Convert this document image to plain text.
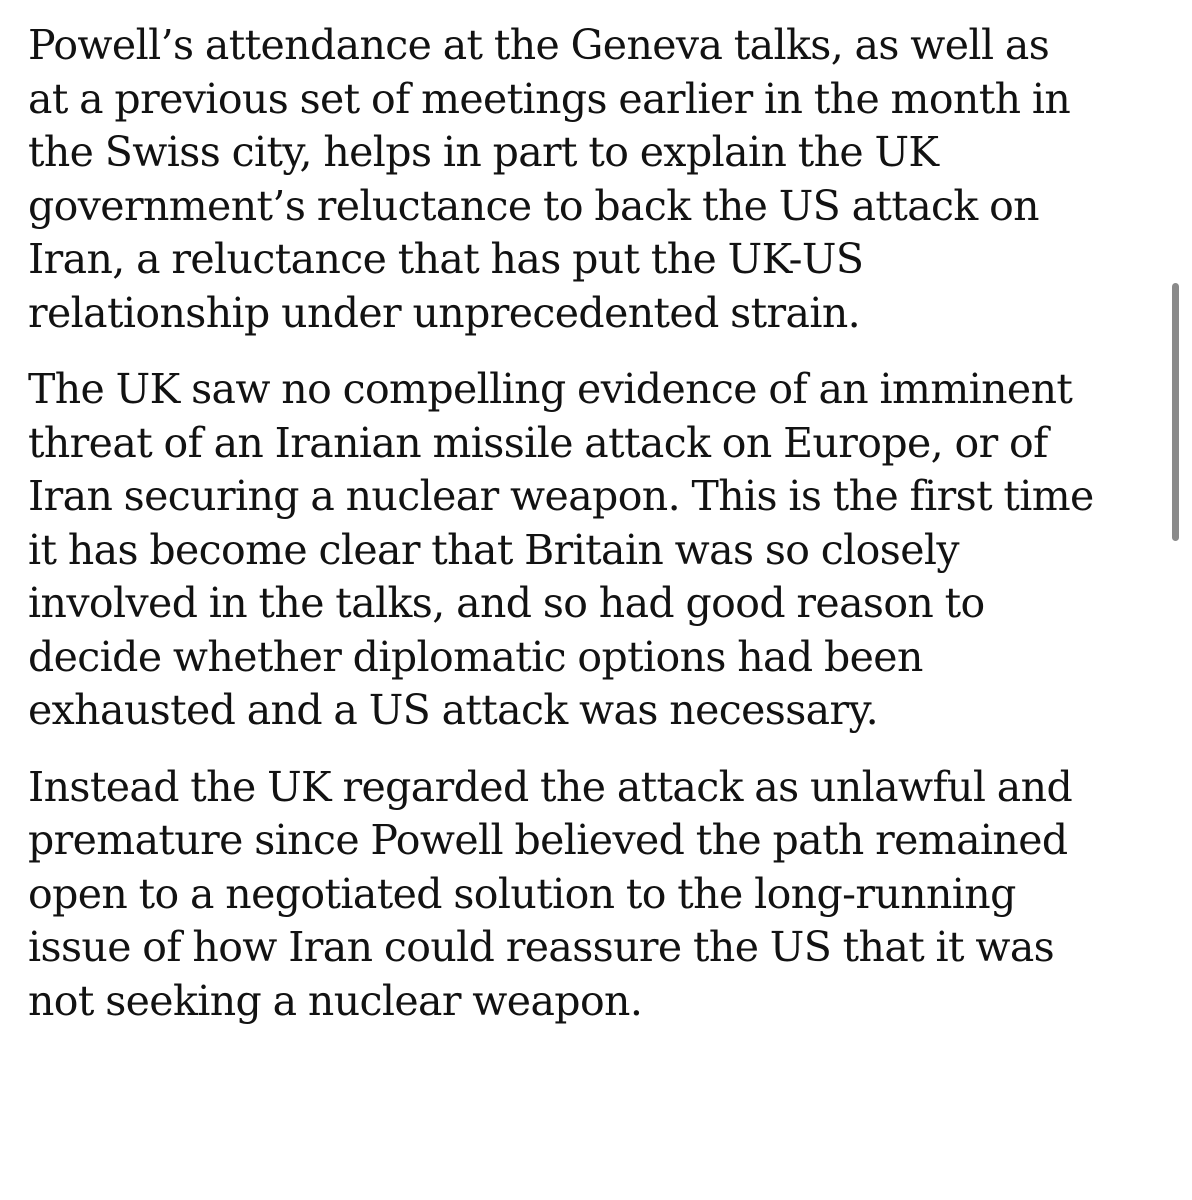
Powell’s attendance at the Geneva talks, as well as
at a previous set of meetings earlier in the month in
the Swiss city, helps in part to explain the UK
government’s reluctance to back the US attack on
Iran, a reluctance that has put the UK-US
relationship under unprecedented strain.

The UK saw no compelling evidence of an imminent
threat of an Iranian missile attack on Europe, or of
Iran securing a nuclear weapon. This is the first time
it has become clear that Britain was so closely
involved in the talks, and so had good reason to
decide whether diplomatic options had been
exhausted and a US attack was necessary.

Instead the UK regarded the attack as unlawful and
premature since Powell believed the path remained
open to a negotiated solution to the long-running
issue of how Iran could reassure the US that it was
not seeking a nuclear weapon.
